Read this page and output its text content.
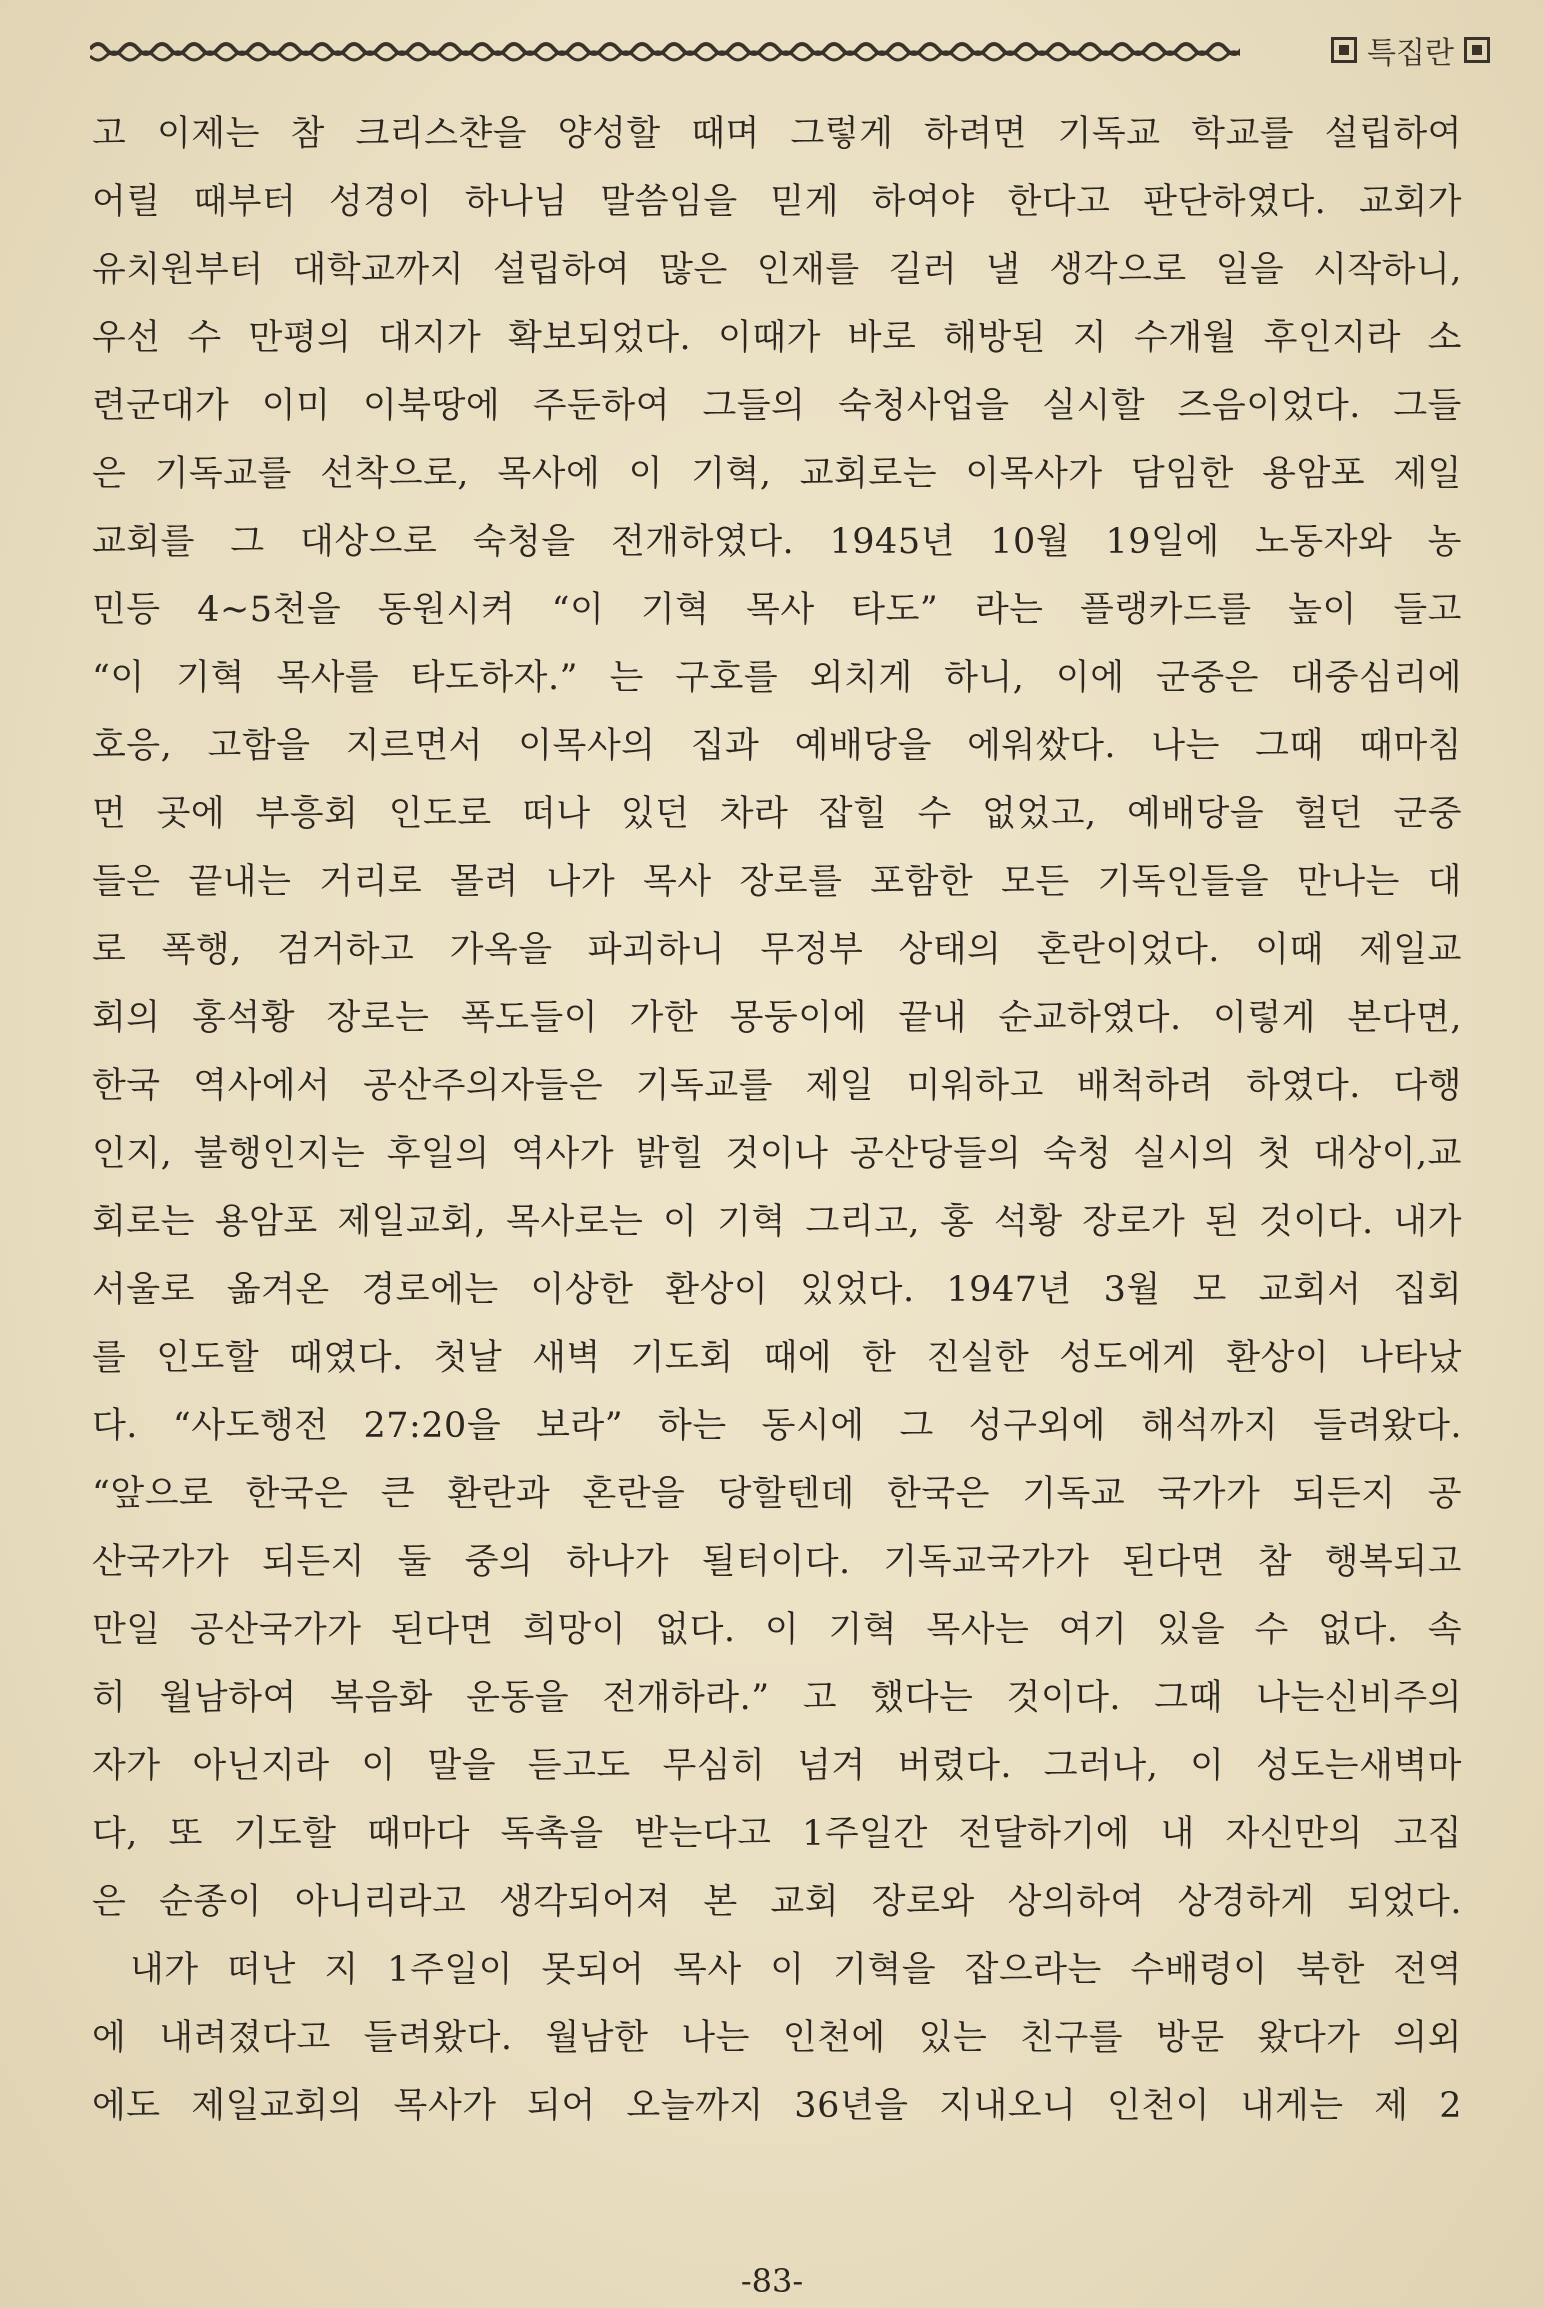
특집란
고 이제는 참 크리스챤을 양성할 때며 그렇게 하려면 기독교 학교를 설립하여
어릴 때부터 성경이 하나님 말씀임을 믿게 하여야 한다고 판단하였다. 교회가
유치원부터 대학교까지 설립하여 많은 인재를 길러 낼 생각으로 일을 시작하니,
우선 수 만평의 대지가 확보되었다. 이때가 바로 해방된 지 수개월 후인지라 소
련군대가 이미 이북땅에 주둔하여 그들의 숙청사업을 실시할 즈음이었다. 그들
은 기독교를 선착으로, 목사에 이 기혁, 교회로는 이목사가 담임한 용암포 제일
교회를 그 대상으로 숙청을 전개하였다. 1945년 10월 19일에 노동자와 농
민등 4~5천을 동원시켜 “이 기혁 목사 타도” 라는 플랭카드를 높이 들고
“이 기혁 목사를 타도하자.” 는 구호를 외치게 하니, 이에 군중은 대중심리에
호응, 고함을 지르면서 이목사의 집과 예배당을 에워쌌다. 나는 그때 때마침
먼 곳에 부흥회 인도로 떠나 있던 차라 잡힐 수 없었고, 예배당을 헐던 군중
들은 끝내는 거리로 몰려 나가 목사 장로를 포함한 모든 기독인들을 만나는 대
로 폭행, 검거하고 가옥을 파괴하니 무정부 상태의 혼란이었다. 이때 제일교
회의 홍석황 장로는 폭도들이 가한 몽둥이에 끝내 순교하였다. 이렇게 본다면,
한국 역사에서 공산주의자들은 기독교를 제일 미워하고 배척하려 하였다. 다행
인지, 불행인지는 후일의 역사가 밝힐 것이나 공산당들의 숙청 실시의 첫 대상이,교
회로는 용암포 제일교회, 목사로는 이 기혁 그리고, 홍 석황 장로가 된 것이다. 내가
서울로 옮겨온 경로에는 이상한 환상이 있었다. 1947년 3월 모 교회서 집회
를 인도할 때였다. 첫날 새벽 기도회 때에 한 진실한 성도에게 환상이 나타났
다. “사도행전 27:20을 보라” 하는 동시에 그 성구외에 해석까지 들려왔다.
“앞으로 한국은 큰 환란과 혼란을 당할텐데 한국은 기독교 국가가 되든지 공
산국가가 되든지 둘 중의 하나가 될터이다. 기독교국가가 된다면 참 행복되고
만일 공산국가가 된다면 희망이 없다. 이 기혁 목사는 여기 있을 수 없다. 속
히 월남하여 복음화 운동을 전개하라.” 고 했다는 것이다. 그때 나는신비주의
자가 아닌지라 이 말을 듣고도 무심히 넘겨 버렸다. 그러나, 이 성도는새벽마
다, 또 기도할 때마다 독촉을 받는다고 1주일간 전달하기에 내 자신만의 고집
은 순종이 아니리라고 생각되어져 본 교회 장로와 상의하여 상경하게 되었다.
내가 떠난 지 1주일이 못되어 목사 이 기혁을 잡으라는 수배령이 북한 전역
에 내려졌다고 들려왔다. 월남한 나는 인천에 있는 친구를 방문 왔다가 의외
에도 제일교회의 목사가 되어 오늘까지 36년을 지내오니 인천이 내게는 제 2
-83-
